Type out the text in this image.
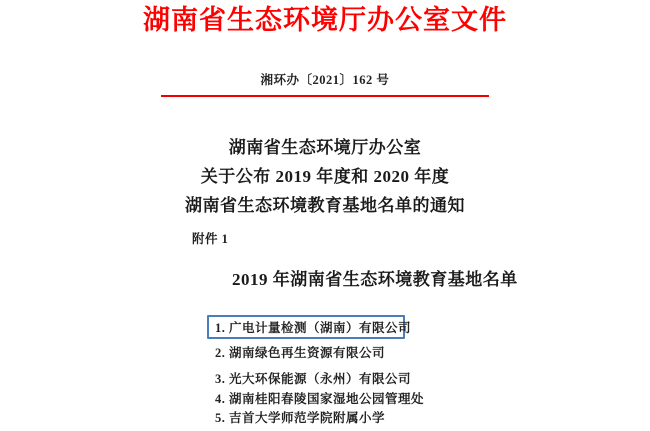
湖南省生态环境厅办公室文件
湘环办〔2021〕162 号
湖南省生态环境厅办公室
关于公布 2019 年度和 2020 年度
湖南省生态环境教育基地名单的通知
附件 1
2019 年湖南省生态环境教育基地名单
1. 广电计量检测（湖南）有限公司
2. 湖南绿色再生资源有限公司
3. 光大环保能源（永州）有限公司
4. 湖南桂阳春陵国家湿地公园管理处
5. 吉首大学师范学院附属小学
